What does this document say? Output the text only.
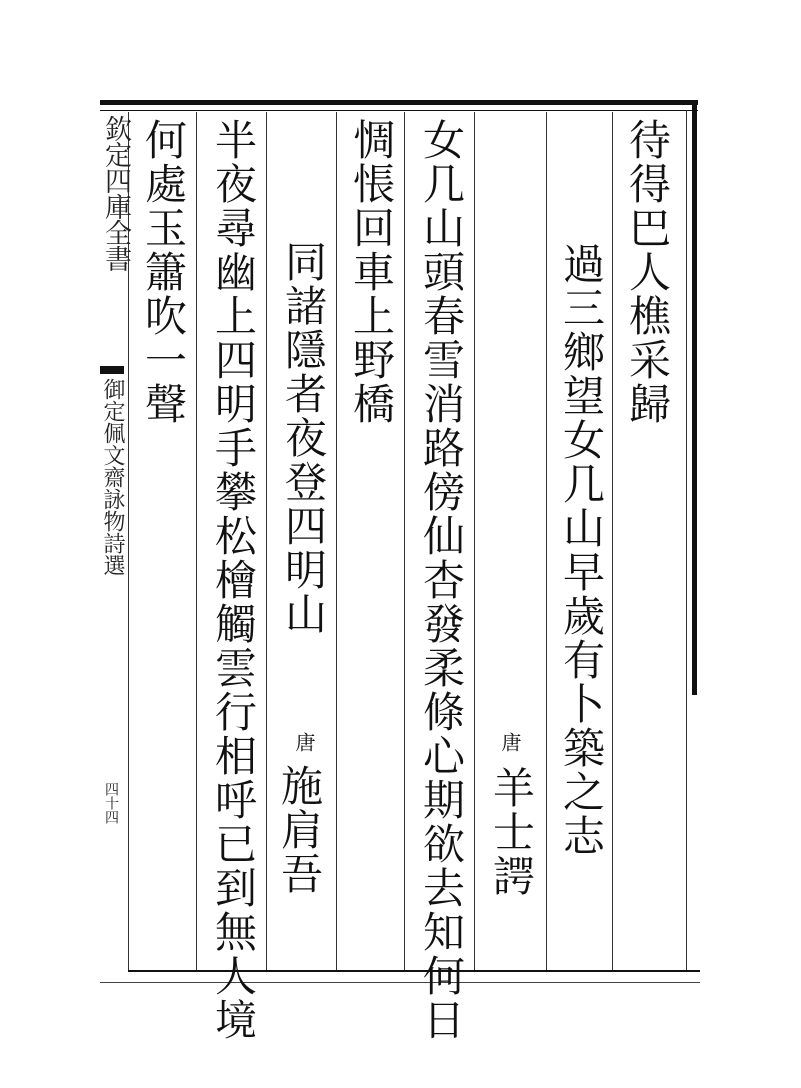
欽定四庫全書
御定佩文齋詠物詩選
四十四
待得巴人樵采歸
過三鄉望女几山早歲有卜築之志
唐
羊士諤
女几山頭春雪消路傍仙杏發柔條心期欲去知何日
惆悵回車上野橋
同諸隱者夜登四明山
唐
施肩吾
半夜尋幽上四明手攀松檜觸雲行相呼已到無人境
何處玉簫吹一聲
